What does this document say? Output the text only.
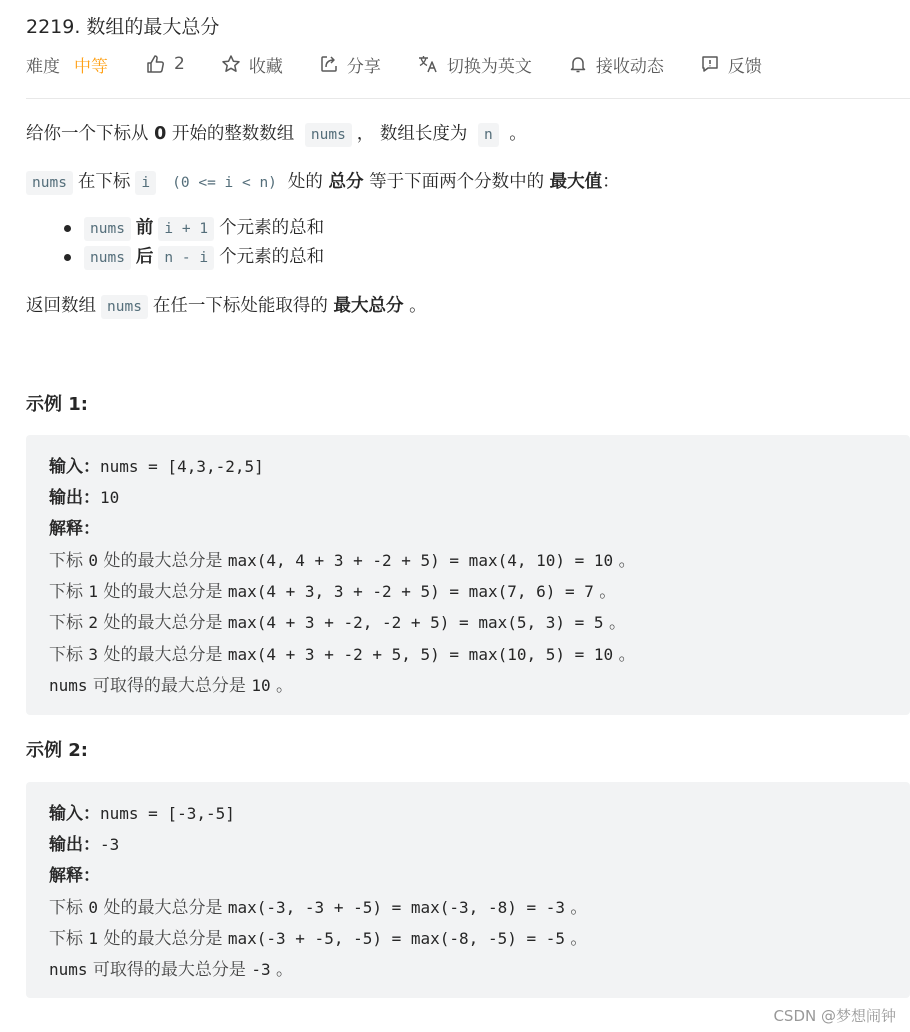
2219. 数组的最大总分
难度 中等	2	收藏	分享	切换为英文	接收动态	反馈
给你一个下标从 0 开始的整数数组 nums ， 数组长度为 n 。
nums 在下标 i (0 <= i < n) 处的 总分 等于下面两个分数中的 最大值：
nums 前 i + 1 个元素的总和
nums 后 n - i 个元素的总和
返回数组 nums 在任一下标处能取得的 最大总分 。
示例 1:
输入：nums = [4,3,-2,5]
输出：10
解释：
下标 0 处的最大总分是 max(4, 4 + 3 + -2 + 5) = max(4, 10) = 10 。
下标 1 处的最大总分是 max(4 + 3, 3 + -2 + 5) = max(7, 6) = 7 。
下标 2 处的最大总分是 max(4 + 3 + -2, -2 + 5) = max(5, 3) = 5 。
下标 3 处的最大总分是 max(4 + 3 + -2 + 5, 5) = max(10, 5) = 10 。
nums 可取得的最大总分是 10 。
示例 2:
输入：nums = [-3,-5]
输出：-3
解释：
下标 0 处的最大总分是 max(-3, -3 + -5) = max(-3, -8) = -3 。
下标 1 处的最大总分是 max(-3 + -5, -5) = max(-8, -5) = -5 。
nums 可取得的最大总分是 -3 。
CSDN @梦想闹钟
